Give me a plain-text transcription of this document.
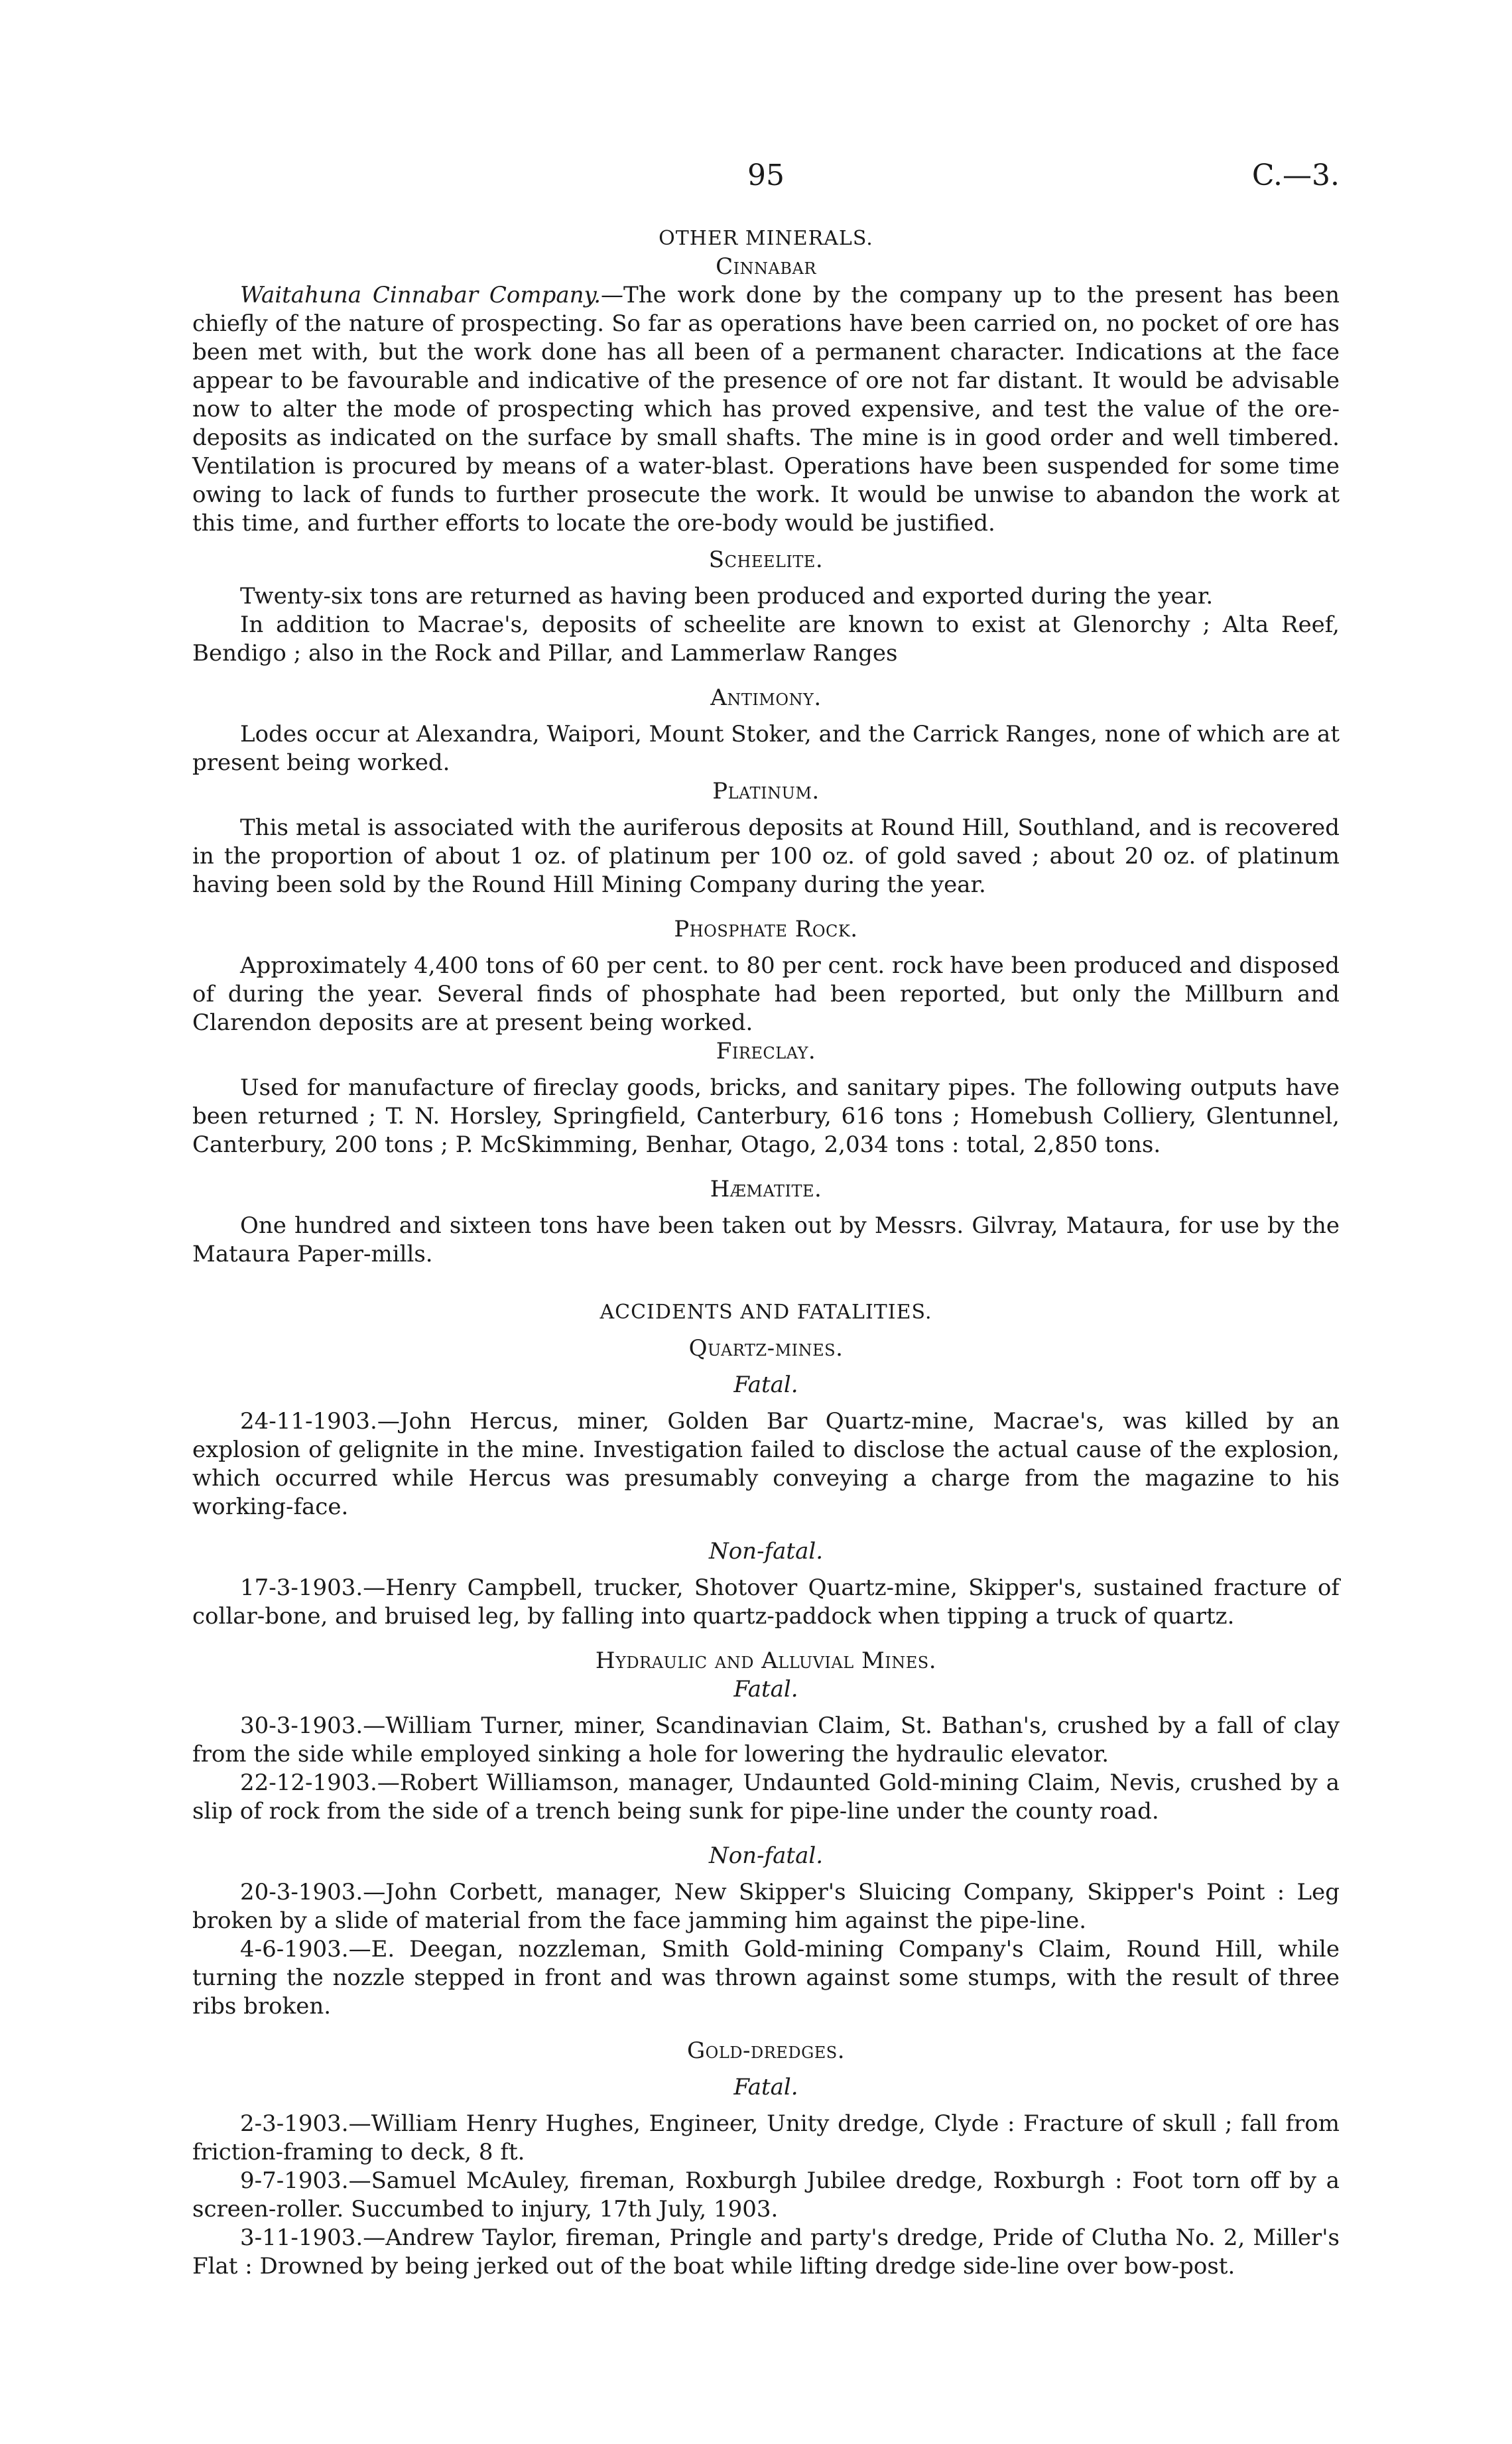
95	C.—3.

OTHER MINERALS.

Cinnabar

Waitahuna Cinnabar Company.—The work done by the company up to the present has been chiefly of the nature of prospecting. So far as operations have been carried on, no pocket of ore has been met with, but the work done has all been of a permanent character. Indications at the face appear to be favourable and indicative of the presence of ore not far distant. It would be advisable now to alter the mode of prospecting which has proved expensive, and test the value of the ore-deposits as indicated on the surface by small shafts. The mine is in good order and well timbered. Ventilation is procured by means of a water-blast. Operations have been suspended for some time owing to lack of funds to further prosecute the work. It would be unwise to abandon the work at this time, and further efforts to locate the ore-body would be justified.

Scheelite.

Twenty-six tons are returned as having been produced and exported during the year.

In addition to Macrae's, deposits of scheelite are known to exist at Glenorchy ; Alta Reef, Bendigo ; also in the Rock and Pillar, and Lammerlaw Ranges

Antimony.

Lodes occur at Alexandra, Waipori, Mount Stoker, and the Carrick Ranges, none of which are at present being worked.

Platinum.

This metal is associated with the auriferous deposits at Round Hill, Southland, and is recovered in the proportion of about 1 oz. of platinum per 100 oz. of gold saved ; about 20 oz. of platinum having been sold by the Round Hill Mining Company during the year.

Phosphate Rock.

Approximately 4,400 tons of 60 per cent. to 80 per cent. rock have been produced and disposed of during the year. Several finds of phosphate had been reported, but only the Millburn and Clarendon deposits are at present being worked.

Fireclay.

Used for manufacture of fireclay goods, bricks, and sanitary pipes. The following outputs have been returned ; T. N. Horsley, Springfield, Canterbury, 616 tons ; Homebush Colliery, Glentunnel, Canterbury, 200 tons ; P. McSkimming, Benhar, Otago, 2,034 tons : total, 2,850 tons.

Hæmatite.

One hundred and sixteen tons have been taken out by Messrs. Gilvray, Mataura, for use by the Mataura Paper-mills.

ACCIDENTS AND FATALITIES.

Quartz-mines.

Fatal.

24-11-1903.—John Hercus, miner, Golden Bar Quartz-mine, Macrae's, was killed by an explosion of gelignite in the mine. Investigation failed to disclose the actual cause of the explosion, which occurred while Hercus was presumably conveying a charge from the magazine to his working-face.

Non-fatal.

17-3-1903.—Henry Campbell, trucker, Shotover Quartz-mine, Skipper's, sustained fracture of collar-bone, and bruised leg, by falling into quartz-paddock when tipping a truck of quartz.

Hydraulic and Alluvial Mines.

Fatal.

30-3-1903.—William Turner, miner, Scandinavian Claim, St. Bathan's, crushed by a fall of clay from the side while employed sinking a hole for lowering the hydraulic elevator.

22-12-1903.—Robert Williamson, manager, Undaunted Gold-mining Claim, Nevis, crushed by a slip of rock from the side of a trench being sunk for pipe-line under the county road.

Non-fatal.

20-3-1903.—John Corbett, manager, New Skipper's Sluicing Company, Skipper's Point : Leg broken by a slide of material from the face jamming him against the pipe-line.

4-6-1903.—E. Deegan, nozzleman, Smith Gold-mining Company's Claim, Round Hill, while turning the nozzle stepped in front and was thrown against some stumps, with the result of three ribs broken.

Gold-dredges.

Fatal.

2-3-1903.—William Henry Hughes, Engineer, Unity dredge, Clyde : Fracture of skull ; fall from friction-framing to deck, 8 ft.

9-7-1903.—Samuel McAuley, fireman, Roxburgh Jubilee dredge, Roxburgh : Foot torn off by a screen-roller. Succumbed to injury, 17th July, 1903.

3-11-1903.—Andrew Taylor, fireman, Pringle and party's dredge, Pride of Clutha No. 2, Miller's Flat : Drowned by being jerked out of the boat while lifting dredge side-line over bow-post.
